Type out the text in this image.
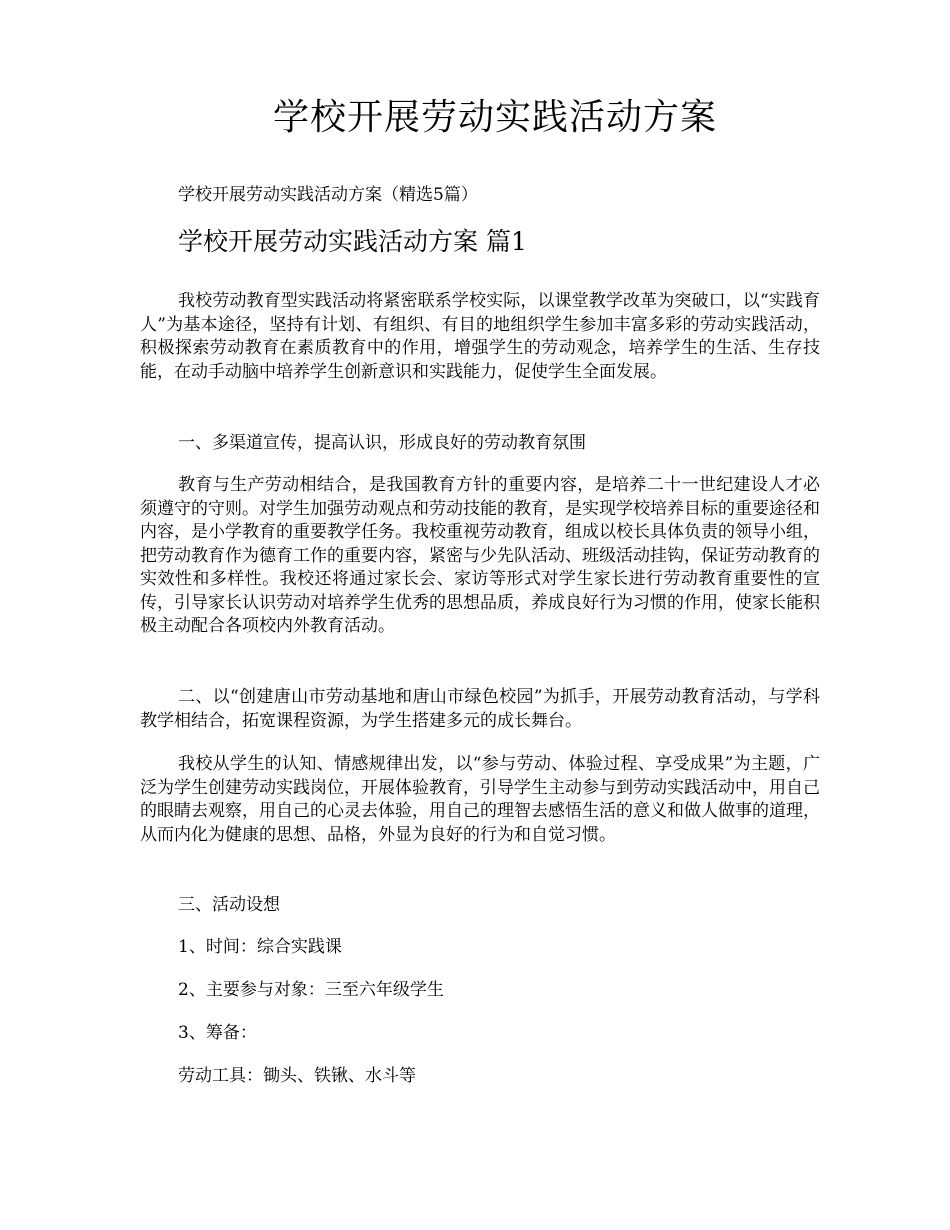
学校开展劳动实践活动方案

学校开展劳动实践活动方案（精选5篇）

学校开展劳动实践活动方案 篇1

我校劳动教育型实践活动将紧密联系学校实际，以课堂教学改革为突破口，以“实践育人”为基本途径，坚持有计划、有组织、有目的地组织学生参加丰富多彩的劳动实践活动，积极探索劳动教育在素质教育中的作用，增强学生的劳动观念，培养学生的生活、生存技能，在动手动脑中培养学生创新意识和实践能力，促使学生全面发展。

一、多渠道宣传，提高认识，形成良好的劳动教育氛围

教育与生产劳动相结合，是我国教育方针的重要内容，是培养二十一世纪建设人才必须遵守的守则。对学生加强劳动观点和劳动技能的教育，是实现学校培养目标的重要途径和内容，是小学教育的重要教学任务。我校重视劳动教育，组成以校长具体负责的领导小组，把劳动教育作为德育工作的重要内容，紧密与少先队活动、班级活动挂钩，保证劳动教育的实效性和多样性。我校还将通过家长会、家访等形式对学生家长进行劳动教育重要性的宣传，引导家长认识劳动对培养学生优秀的思想品质，养成良好行为习惯的作用，使家长能积极主动配合各项校内外教育活动。

二、以“创建唐山市劳动基地和唐山市绿色校园”为抓手，开展劳动教育活动，与学科教学相结合，拓宽课程资源，为学生搭建多元的成长舞台。

我校从学生的认知、情感规律出发，以“参与劳动、体验过程、享受成果”为主题，广泛为学生创建劳动实践岗位，开展体验教育，引导学生主动参与到劳动实践活动中，用自己的眼睛去观察，用自己的心灵去体验，用自己的理智去感悟生活的意义和做人做事的道理，从而内化为健康的思想、品格，外显为良好的行为和自觉习惯。

三、活动设想

1、时间：综合实践课

2、主要参与对象：三至六年级学生

3、筹备：

劳动工具：锄头、铁锹、水斗等
